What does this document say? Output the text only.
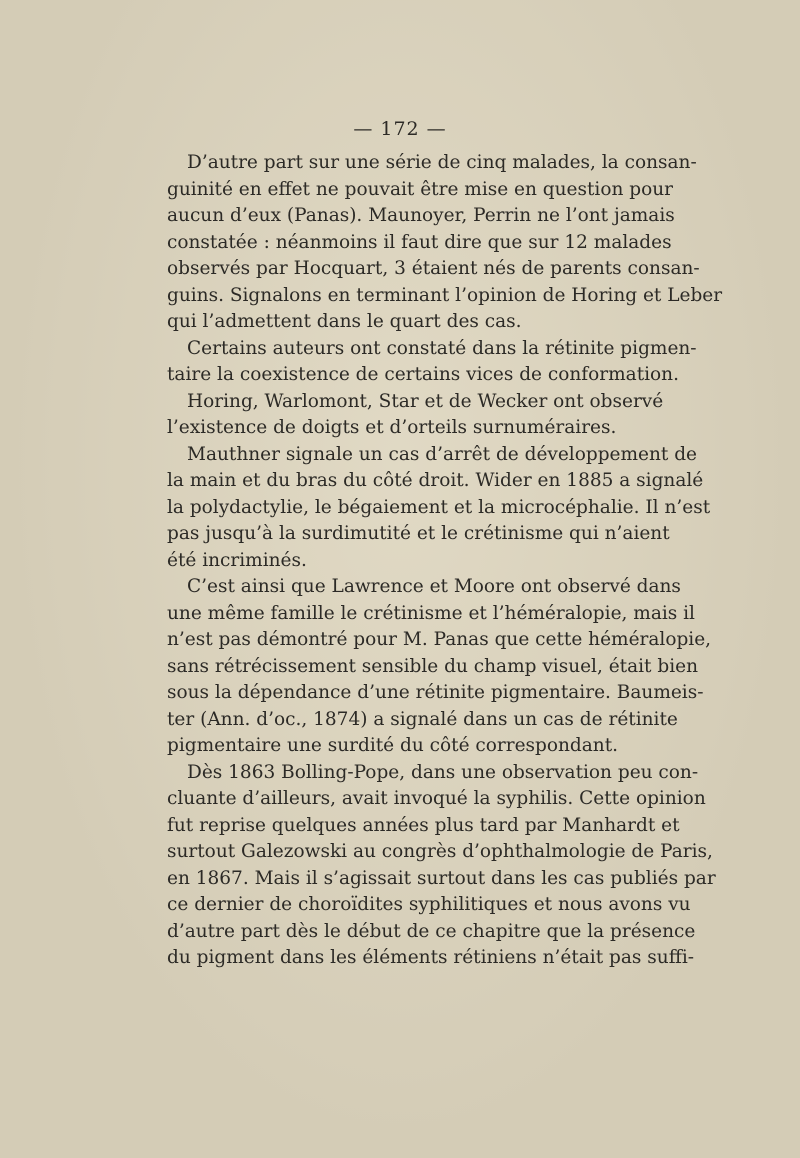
— 172 —
D’autre part sur une série de cinq malades, la consan-
guinité en effet ne pouvait être mise en question pour
aucun d’eux (Panas). Maunoyer, Perrin ne l’ont jamais
constatée : néanmoins il faut dire que sur 12 malades
observés par Hocquart, 3 étaient nés de parents consan-
guins. Signalons en terminant l’opinion de Horing et Leber
qui l’admettent dans le quart des cas.
Certains auteurs ont constaté dans la rétinite pigmen-
taire la coexistence de certains vices de conformation.
Horing, Warlomont, Star et de Wecker ont observé
l’existence de doigts et d’orteils surnuméraires.
Mauthner signale un cas d’arrêt de développement de
la main et du bras du côté droit. Wider en 1885 a signalé
la polydactylie, le bégaiement et la microcéphalie. Il n’est
pas jusqu’à la surdimutité et le crétinisme qui n’aient
été incriminés.
C’est ainsi que Lawrence et Moore ont observé dans
une même famille le crétinisme et l’héméralopie, mais il
n’est pas démontré pour M. Panas que cette héméralopie,
sans rétrécissement sensible du champ visuel, était bien
sous la dépendance d’une rétinite pigmentaire. Baumeis-
ter (Ann. d’oc., 1874) a signalé dans un cas de rétinite
pigmentaire une surdité du côté correspondant.
Dès 1863 Bolling-Pope, dans une observation peu con-
cluante d’ailleurs, avait invoqué la syphilis. Cette opinion
fut reprise quelques années plus tard par Manhardt et
surtout Galezowski au congrès d’ophthalmologie de Paris,
en 1867. Mais il s’agissait surtout dans les cas publiés par
ce dernier de choroïdites syphilitiques et nous avons vu
d’autre part dès le début de ce chapitre que la présence
du pigment dans les éléments rétiniens n’était pas suffi-
